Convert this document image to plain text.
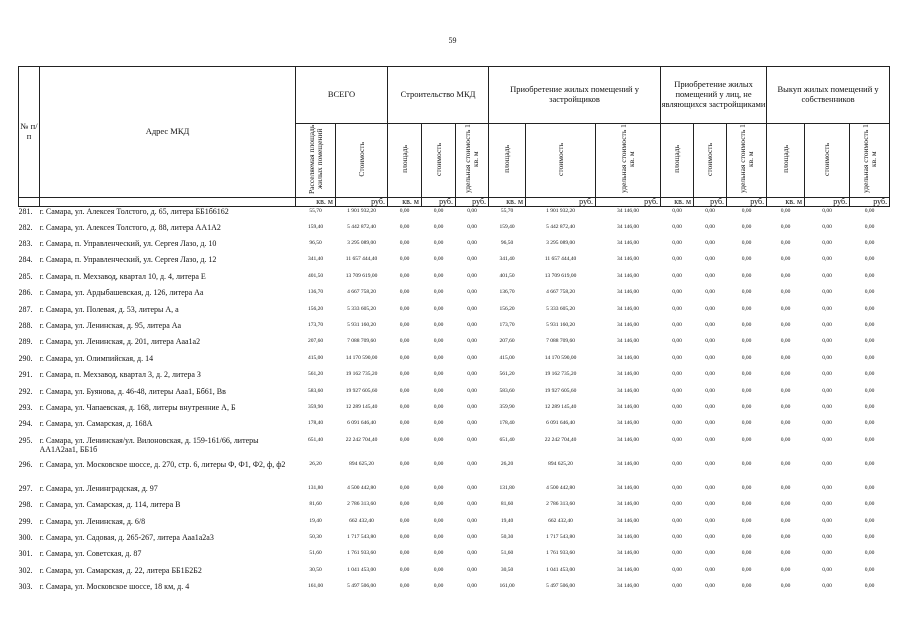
59
№ п/п	Адрес МКД	ВСЕГО		Строительство МКД			Приобретение жилых помещений у застройщиков			Приобретение жилых помещений у лиц, не являющихся застройщиками			Выкуп жилых помещений у собственников		
		Расселяемая площадь жилых помещений	Стоимость	площадь	стоимость	удельная стоимость 1 кв. м	площадь	стоимость	удельная стоимость 1 кв. м	площадь	стоимость	удельная стоимость 1 кв. м	площадь	стоимость	удельная стоимость 1 кв. м
		кв. м	руб.	кв. м	руб.	руб.	кв. м	руб.	руб.	кв. м	руб.	руб.	кв. м	руб.	руб.
281.	г. Самара, ул. Алексея Толстого, д. 65, литера ББ1б6162	55,70	1 901 932,20	0,00	0,00	0,00	55,70	1 901 932,20	34 146,00	0,00	0,00	0,00	0,00	0,00	0,00
282.	г. Самара, ул. Алексея Толстого, д. 88, литера АА1А2	159,40	5 442 872,40	0,00	0,00	0,00	159,40	5 442 872,40	34 146,00	0,00	0,00	0,00	0,00	0,00	0,00
283.	г. Самара, п. Управленческий, ул. Сергея Лазо, д. 10	96,50	3 295 089,00	0,00	0,00	0,00	96,50	3 295 089,00	34 146,00	0,00	0,00	0,00	0,00	0,00	0,00
284.	г. Самара, п. Управленческий, ул. Сергея Лазо, д. 12	341,40	11 657 444,40	0,00	0,00	0,00	341,40	11 657 444,40	34 146,00	0,00	0,00	0,00	0,00	0,00	0,00
285.	г. Самара, п. Мехзавод, квартал 10, д. 4, литера Е	401,50	13 709 619,00	0,00	0,00	0,00	401,50	13 709 619,00	34 146,00	0,00	0,00	0,00	0,00	0,00	0,00
286.	г. Самара, ул. Ардыбашевская, д. 126, литера Аа	136,70	4 667 758,20	0,00	0,00	0,00	136,70	4 667 758,20	34 146,00	0,00	0,00	0,00	0,00	0,00	0,00
287.	г. Самара, ул. Полевая, д. 53, литеры А, а	156,20	5 333 605,20	0,00	0,00	0,00	156,20	5 333 605,20	34 146,00	0,00	0,00	0,00	0,00	0,00	0,00
288.	г. Самара, ул. Ленинская, д. 95, литера Аа	173,70	5 931 160,20	0,00	0,00	0,00	173,70	5 931 160,20	34 146,00	0,00	0,00	0,00	0,00	0,00	0,00
289.	г. Самара, ул. Ленинская, д. 201, литера Ааа1а2	207,60	7 088 709,60	0,00	0,00	0,00	207,60	7 088 709,60	34 146,00	0,00	0,00	0,00	0,00	0,00	0,00
290.	г. Самара, ул. Олимпийская, д. 14	415,00	14 170 590,00	0,00	0,00	0,00	415,00	14 170 590,00	34 146,00	0,00	0,00	0,00	0,00	0,00	0,00
291.	г. Самара, п. Мехзавод, квартал 3, д. 2, литера З	561,20	19 162 735,20	0,00	0,00	0,00	561,20	19 162 735,20	34 146,00	0,00	0,00	0,00	0,00	0,00	0,00
292.	г. Самара, ул. Буянова, д. 46-48, литеры Ааа1, Бб61, Вв	583,60	19 927 605,60	0,00	0,00	0,00	583,60	19 927 605,60	34 146,00	0,00	0,00	0,00	0,00	0,00	0,00
293.	г. Самара, ул. Чапаевская, д. 168, литеры внутренние А, Б	359,90	12 289 145,40	0,00	0,00	0,00	359,90	12 289 145,40	34 146,00	0,00	0,00	0,00	0,00	0,00	0,00
294.	г. Самара, ул. Самарская, д. 168А	178,40	6 091 646,40	0,00	0,00	0,00	178,40	6 091 646,40	34 146,00	0,00	0,00	0,00	0,00	0,00	0,00
295.	г. Самара, ул. Ленинская/ул. Вилоновская, д. 159-161/66, литеры АА1А2аа1, ББ1б	651,40	22 242 704,40	0,00	0,00	0,00	651,40	22 242 704,40	34 146,00	0,00	0,00	0,00	0,00	0,00	0,00
296.	г. Самара, ул. Московское шоссе, д. 270, стр. 6, литеры Ф, Ф1, Ф2, ф, ф2	26,20	894 625,20	0,00	0,00	0,00	26,20	894 625,20	34 146,00	0,00	0,00	0,00	0,00	0,00	0,00
297.	г. Самара, ул. Ленинградская, д. 97	131,80	4 500 442,80	0,00	0,00	0,00	131,80	4 500 442,80	34 146,00	0,00	0,00	0,00	0,00	0,00	0,00
298.	г. Самара, ул. Самарская, д. 114, литера В	81,60	2 786 313,60	0,00	0,00	0,00	81,60	2 786 313,60	34 146,00	0,00	0,00	0,00	0,00	0,00	0,00
299.	г. Самара, ул. Ленинская, д. 6/8	19,40	662 432,40	0,00	0,00	0,00	19,40	662 432,40	34 146,00	0,00	0,00	0,00	0,00	0,00	0,00
300.	г. Самара, ул. Садовая, д. 265-267, литера Ааа1а2а3	50,30	1 717 543,80	0,00	0,00	0,00	50,30	1 717 543,80	34 146,00	0,00	0,00	0,00	0,00	0,00	0,00
301.	г. Самара, ул. Советская, д. 87	51,60	1 761 933,60	0,00	0,00	0,00	51,60	1 761 933,60	34 146,00	0,00	0,00	0,00	0,00	0,00	0,00
302.	г. Самара, ул. Самарская, д. 22, литера ББ1Б2Б2	30,50	1 041 453,00	0,00	0,00	0,00	30,50	1 041 453,00	34 146,00	0,00	0,00	0,00	0,00	0,00	0,00
303.	г. Самара, ул. Московское шоссе, 18 км, д. 4	161,00	5 497 506,00	0,00	0,00	0,00	161,00	5 497 506,00	34 146,00	0,00	0,00	0,00	0,00	0,00	0,00
